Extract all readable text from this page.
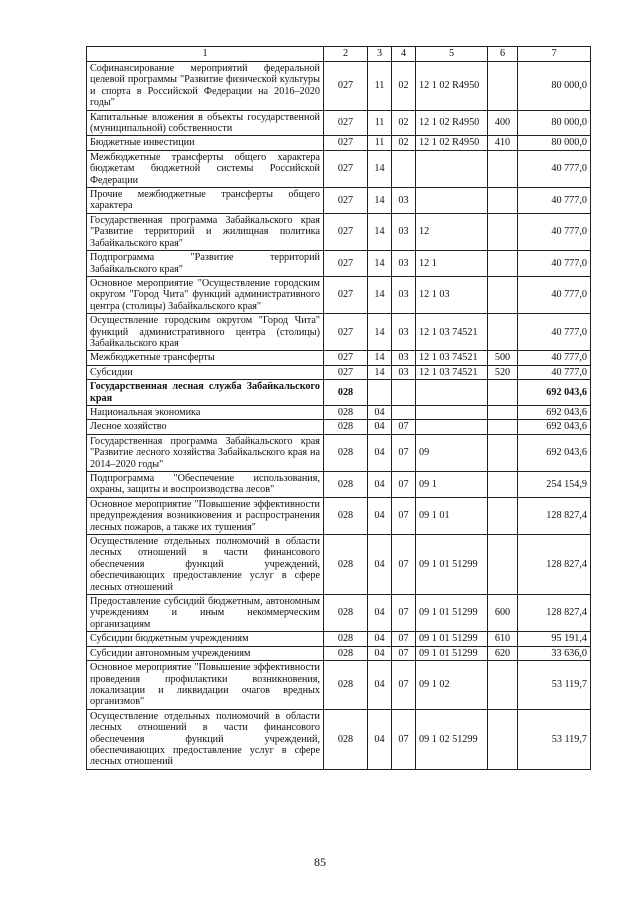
1	2	3	4	5	6	7
Софинансирование мероприятий федеральной целевой программы "Развитие физической культуры и спорта в Российской Федерации на 2016–2020 годы"	027	11	02	12 1 02 R4950		80 000,0
Капитальные вложения в объекты государственной (муниципальной) собственности	027	11	02	12 1 02 R4950	400	80 000,0
Бюджетные инвестиции	027	11	02	12 1 02 R4950	410	80 000,0
Межбюджетные трансферты общего характера бюджетам бюджетной системы Российской Федерации	027	14				40 777,0
Прочие межбюджетные трансферты общего характера	027	14	03			40 777,0
Государственная программа Забайкальского края "Развитие территорий и жилищная политика Забайкальского края"	027	14	03	12		40 777,0
Подпрограмма "Развитие территорий Забайкальского края"	027	14	03	12 1		40 777,0
Основное мероприятие "Осуществление городским округом "Город Чита" функций административного центра (столицы) Забайкальского края"	027	14	03	12 1 03		40 777,0
Осуществление городским округом "Город Чита" функций административного центра (столицы) Забайкальского края	027	14	03	12 1 03 74521		40 777,0
Межбюджетные трансферты	027	14	03	12 1 03 74521	500	40 777,0
Субсидии	027	14	03	12 1 03 74521	520	40 777,0
Государственная лесная служба Забайкальского края	028					692 043,6
Национальная экономика	028	04				692 043,6
Лесное хозяйство	028	04	07			692 043,6
Государственная программа Забайкальского края "Развитие лесного хозяйства Забайкальского края на 2014–2020 годы"	028	04	07	09		692 043,6
Подпрограмма "Обеспечение использования, охраны, защиты и воспроизводства лесов"	028	04	07	09 1		254 154,9
Основное мероприятие "Повышение эффективности предупреждения возникновения и распространения лесных пожаров, а также их тушения"	028	04	07	09 1 01		128 827,4
Осуществление отдельных полномочий в области лесных отношений в части финансового обеспечения функций учреждений, обеспечивающих предоставление услуг в сфере лесных отношений	028	04	07	09 1 01 51299		128 827,4
Предоставление субсидий бюджетным, автономным учреждениям и иным некоммерческим организациям	028	04	07	09 1 01 51299	600	128 827,4
Субсидии бюджетным учреждениям	028	04	07	09 1 01 51299	610	95 191,4
Субсидии автономным учреждениям	028	04	07	09 1 01 51299	620	33 636,0
Основное мероприятие "Повышение эффективности проведения профилактики возникновения, локализации и ликвидации очагов вредных организмов"	028	04	07	09 1 02		53 119,7
Осуществление отдельных полномочий в области лесных отношений в части финансового обеспечения функций учреждений, обеспечивающих предоставление услуг в сфере лесных отношений	028	04	07	09 1 02 51299		53 119,7
85
